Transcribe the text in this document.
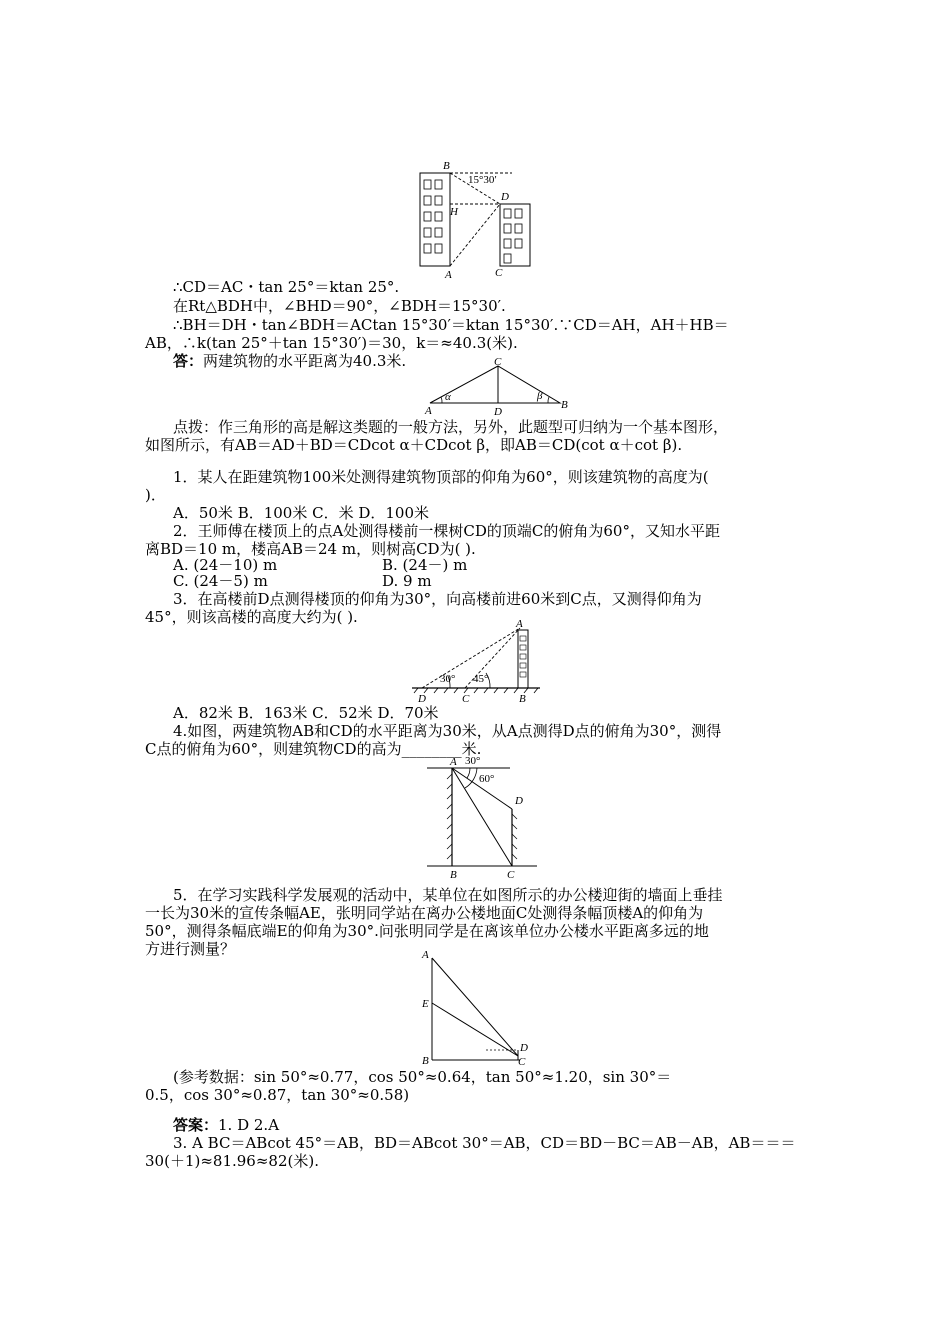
B
15°30′
D
H
A	C
∴CD＝AC・tan 25°＝ktan 25°.
在Rt△BDH中，∠BHD＝90°，∠BDH＝15°30′.
∴BH＝DH・tan∠BDH＝ACtan 15°30′＝ktan 15°30′.∵CD＝AH，AH＋HB＝
AB，∴k(tan 25°＋tan 15°30′)＝30，k＝≈40.3(米).
答：两建筑物的水平距离为40.3米.	C
α	β
A	D
B
点拨：作三角形的高是解这类题的一般方法，另外，此题型可归纳为一个基本图形，
如图所示，有AB＝AD＋BD＝CDcot α＋CDcot β，即AB＝CD(cot α＋cot β).
1．某人在距建筑物100米处测得建筑物顶部的仰角为60°，则该建筑物的高度为(
)．
A．50米 B．100米 C．米 D．100米
2．王师傅在楼顶上的点A处测得楼前一棵树CD的顶端C的俯角为60°，又知水平距
离BD＝10 m，楼高AB＝24 m，则树高CD为( ).
A. (24－10) m	B. (24－) m
C. (24－5) m	D. 9 m
3．在高楼前D点测得楼顶的仰角为30°，向高楼前进60米到C点，又测得仰角为
45°，则该高楼的高度大约为( ).	A
30° 45°
D	C	B
A．82米 B．163米 C．52米 D．70米
4.如图，两建筑物AB和CD的水平距离为30米，从A点测得D点的俯角为30°，测得
C点的俯角为60°，则建筑物CD的高为________米.
A 30°
60°
D
B	C
5．在学习实践科学发展观的活动中，某单位在如图所示的办公楼迎街的墙面上垂挂
一长为30米的宣传条幅AE，张明同学站在离办公楼地面C处测得条幅顶楼A的仰角为
50°，测得条幅底端E的仰角为30°.问张明同学是在离该单位办公楼水平距离多远的地
方进行测量？	A
E
D
B	C
(参考数据：sin 50°≈0.77，cos 50°≈0.64，tan 50°≈1.20，sin 30°＝
0.5，cos 30°≈0.87，tan 30°≈0.58)
答案：1. D 2.A
3. A BC＝ABcot 45°＝AB，BD＝ABcot 30°＝AB，CD＝BD－BC＝AB－AB，AB＝＝＝
30(＋1)≈81.96≈82(米).
